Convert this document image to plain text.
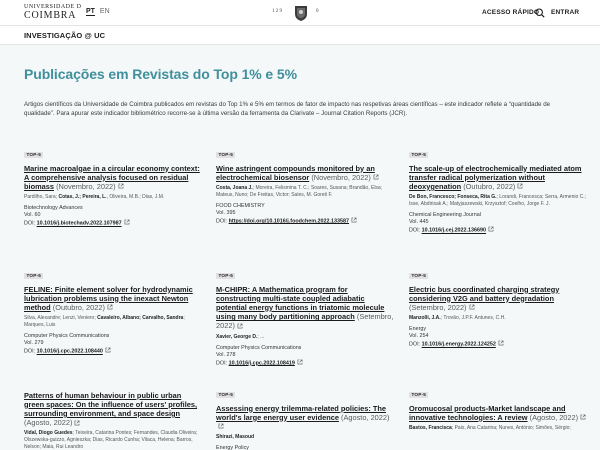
UNIVERSIDADE D
COIMBRA	PT EN	1 2 9	0	ACESSO RÁPIDO ENTRAR
INVESTIGAÇÃO @ UC
Publicações em Revistas do Top 1% e 5%

Artigos científicos da Universidade de Coimbra publicados em revistas do Top 1% e 5% em termos de fator de impacto nas respetivas áreas científicas – este indicador reflete a “quantidade de qualidade”. Para apurar este indicador bibliométrico recorre-se à última versão da ferramenta da Clarivate – Journal Citation Reports (JCR).

TOP-5
Marine macroalgae in a circular economy context: A comprehensive analysis focused on residual biomass (Novembro, 2022)
Pardilho, Sara; Cotas, J.; Pereira, L., Oliveira, M.B.; Dias, J.M.
Biotechnology Advances
Vol. 60
DOI: 10.1016/j.biotechadv.2022.107987
TOP-5
Wine astringent compounds monitored by an electrochemical biosensor (Novembro, 2022)
Costa, Joana J.; Moreira, Felismina T. C.; Soares, Susana; Brandão, Elsa; Mateus, Nuno; De Freitas, Victor; Sales, M. Goreti F.
FOOD CHEMISTRY
Vol. 395
DOI: https://doi.org/10.1016/j.foodchem.2022.133587
TOP-5
The scale-up of electrochemically mediated atom transfer radical polymerization without deoxygenation (Outubro, 2022)
De Bon, Francesco; Fonseca, Rita G.; Lorandi, Francesca; Serra, Armenio C.; Isse, Abdirisak A.; Matyjaszewski, Krzysztof; Coelho, Jorge F. J.
Chemical Engineering Journal
Vol. 445
DOI: 10.1016/j.cej.2022.136690
TOP-5
FELINE: Finite element solver for hydrodynamic lubrication problems using the inexact Newton method (Outubro, 2022)
Silva, Alexandre; Lenzi, Veniero; Cavaleiro, Albano; Carvalho, Sandra; Marques, Luis
Computer Physics Communications
Vol. 279
DOI: 10.1016/j.cpc.2022.108440
TOP-5
M-CHIPR: A Mathematica program for constructing multi-state coupled adiabatic potential energy functions in triatomic molecule using many body partitioning approach (Setembro, 2022)
Xavier, George D.; ...
Computer Physics Communications
Vol. 278
DOI: 10.1016/j.cpc.2022.108419
TOP-5
Electric bus coordinated charging strategy considering V2G and battery degradation (Setembro, 2022)
Manzolli, J.A.; Trovão, J.P.F. Antunes, C.H.
Energy
Vol. 254
DOI: 10.1016/j.energy.2022.124252
Patterns of human behaviour in public urban green spaces: On the influence of users' profiles, surrounding environment, and space design (Agosto, 2022)
Vidal, Diogo Guedes; Teixeira, Catarina Pontes; Fernandes, Claudia Oliveira; Olszewska-guizzo, Agnieszka; Dias, Ricardo Cunha; Vilaca, Helena; Barros, Nelson; Maia, Rui Leandro
TOP-5
Assessing energy trilemma-related policies: The world's large energy user evidence (Agosto, 2022)
Shirazi, Masoud
Energy Policy
TOP-5
Oromucosal products-Market landscape and innovative technologies: A review (Agosto, 2022)
Bastos, Francisca; Pais, Ana Catarina; Nunes, António; Simões, Sérgio;
